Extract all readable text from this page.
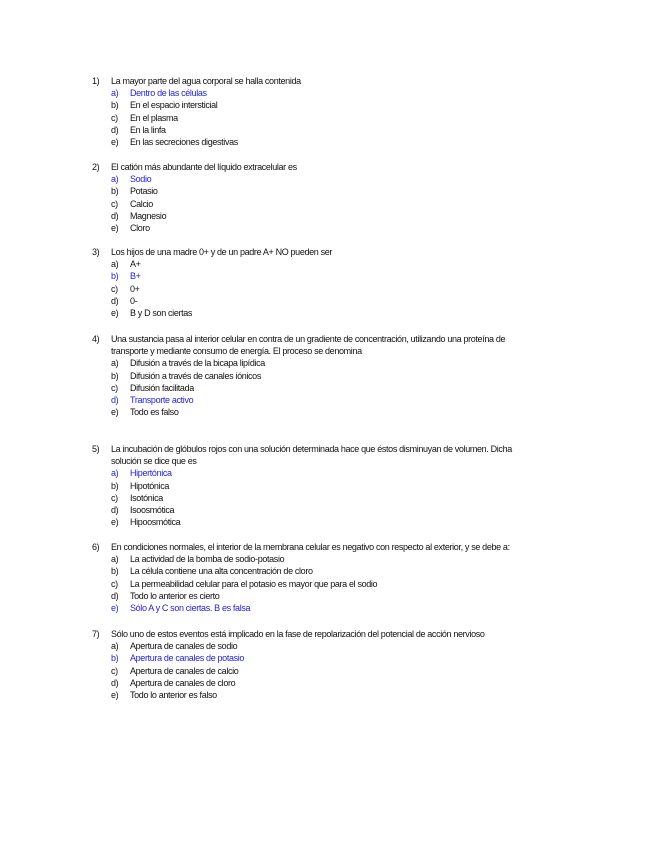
1)	La mayor parte del agua corporal se halla contenida
a)	Dentro de las células
b)	En el espacio intersticial
c)	En el plasma
d)	En la linfa
e)	En las secreciones digestivas
2)	El catión más abundante del líquido extracelular es
a)	Sodio
b)	Potasio
c)	Calcio
d)	Magnesio
e)	Cloro
3)	Los hijos de una madre 0+ y de un padre A+ NO pueden ser
a)	A+
b)	B+
c)	0+
d)	0-
e)	B y D son ciertas
4)	Una sustancia pasa al interior celular en contra de un gradiente de concentración, utilizando una proteína de
transporte y mediante consumo de energía. El proceso se denomina
a)	Difusión a través de la bicapa lipídica
b)	Difusión a través de canales iónicos
c)	Difusión facilitada
d)	Transporte activo
e)	Todo es falso
5)	La incubación de glóbulos rojos con una solución determinada hace que éstos disminuyan de volumen. Dicha
solución se dice que es
a)	Hipertónica
b)	Hipotónica
c)	Isotónica
d)	Isoosmótica
e)	Hipoosmótica
6)	En condiciones normales, el interior de la membrana celular es negativo con respecto al exterior, y se debe a:
a)	La actividad de la bomba de sodio-potasio
b)	La célula contiene una alta concentración de cloro
c)	La permeabilidad celular para el potasio es mayor que para el sodio
d)	Todo lo anterior es cierto
e)	Sólo A y C son ciertas. B es falsa
7)	Sólo uno de estos eventos está implicado en la fase de repolarización del potencial de acción nervioso
a)	Apertura de canales de sodio
b)	Apertura de canales de potasio
c)	Apertura de canales de calcio
d)	Apertura de canales de cloro
e)	Todo lo anterior es falso
